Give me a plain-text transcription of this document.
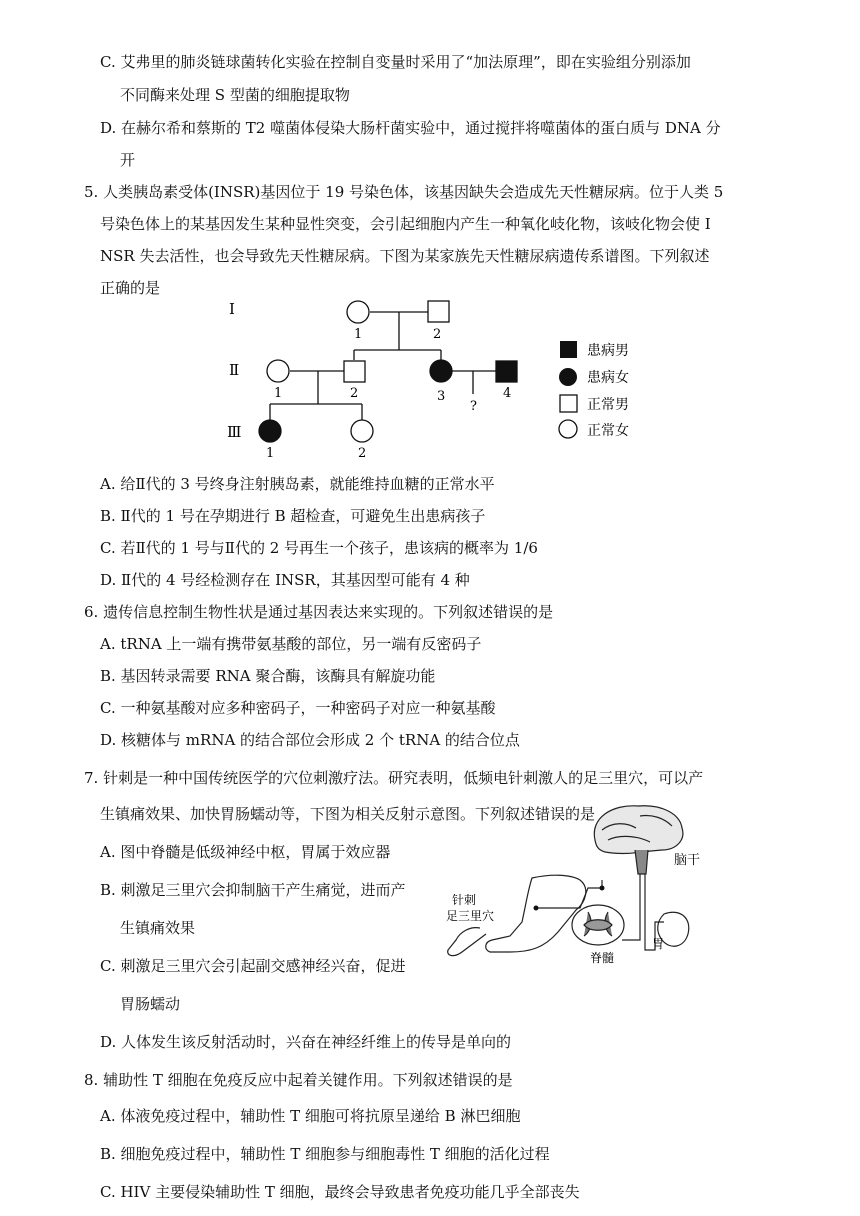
C. 艾弗里的肺炎链球菌转化实验在控制自变量时采用了“加法原理”，即在实验组分别添加
不同酶来处理 S 型菌的细胞提取物
D. 在赫尔希和蔡斯的 T2 噬菌体侵染大肠杆菌实验中，通过搅拌将噬菌体的蛋白质与 DNA 分
开
5. 人类胰岛素受体(INSR)基因位于 19 号染色体，该基因缺失会造成先天性糖尿病。位于人类 5
号染色体上的某基因发生某种显性突变，会引起细胞内产生一种氧化岐化物，该岐化物会使 I
NSR 失去活性，也会导致先天性糖尿病。下图为某家族先天性糖尿病遗传系谱图。下列叙述
正确的是
Ⅰ
Ⅱ
Ⅲ
1	2
1	2	3	4
?
1	2
患病男
患病女
正常男
正常女
A. 给Ⅱ代的 3 号终身注射胰岛素，就能维持血糖的正常水平
B. Ⅱ代的 1 号在孕期进行 B 超检查，可避免生出患病孩子
C. 若Ⅱ代的 1 号与Ⅱ代的 2 号再生一个孩子，患该病的概率为 1/6
D. Ⅱ代的 4 号经检测存在 INSR，其基因型可能有 4 种
6. 遗传信息控制生物性状是通过基因表达来实现的。下列叙述错误的是
A. tRNA 上一端有携带氨基酸的部位，另一端有反密码子
B. 基因转录需要 RNA 聚合酶，该酶具有解旋功能
C. 一种氨基酸对应多种密码子，一种密码子对应一种氨基酸
D. 核糖体与 mRNA 的结合部位会形成 2 个 tRNA 的结合位点
7. 针刺是一种中国传统医学的穴位刺激疗法。研究表明，低频电针刺激人的足三里穴，可以产
生镇痛效果、加快胃肠蠕动等，下图为相关反射示意图。下列叙述错误的是
A. 图中脊髓是低级神经中枢，胃属于效应器
B. 刺激足三里穴会抑制脑干产生痛觉，进而产
生镇痛效果
C. 刺激足三里穴会引起副交感神经兴奋，促进
胃肠蠕动
D. 人体发生该反射活动时，兴奋在神经纤维上的传导是单向的
脑干
针刺
足三里穴
胃
脊髓
8. 辅助性 T 细胞在免疫反应中起着关键作用。下列叙述错误的是
A. 体液免疫过程中，辅助性 T 细胞可将抗原呈递给 B 淋巴细胞
B. 细胞免疫过程中，辅助性 T 细胞参与细胞毒性 T 细胞的活化过程
C. HIV 主要侵染辅助性 T 细胞，最终会导致患者免疫功能几乎全部丧失
